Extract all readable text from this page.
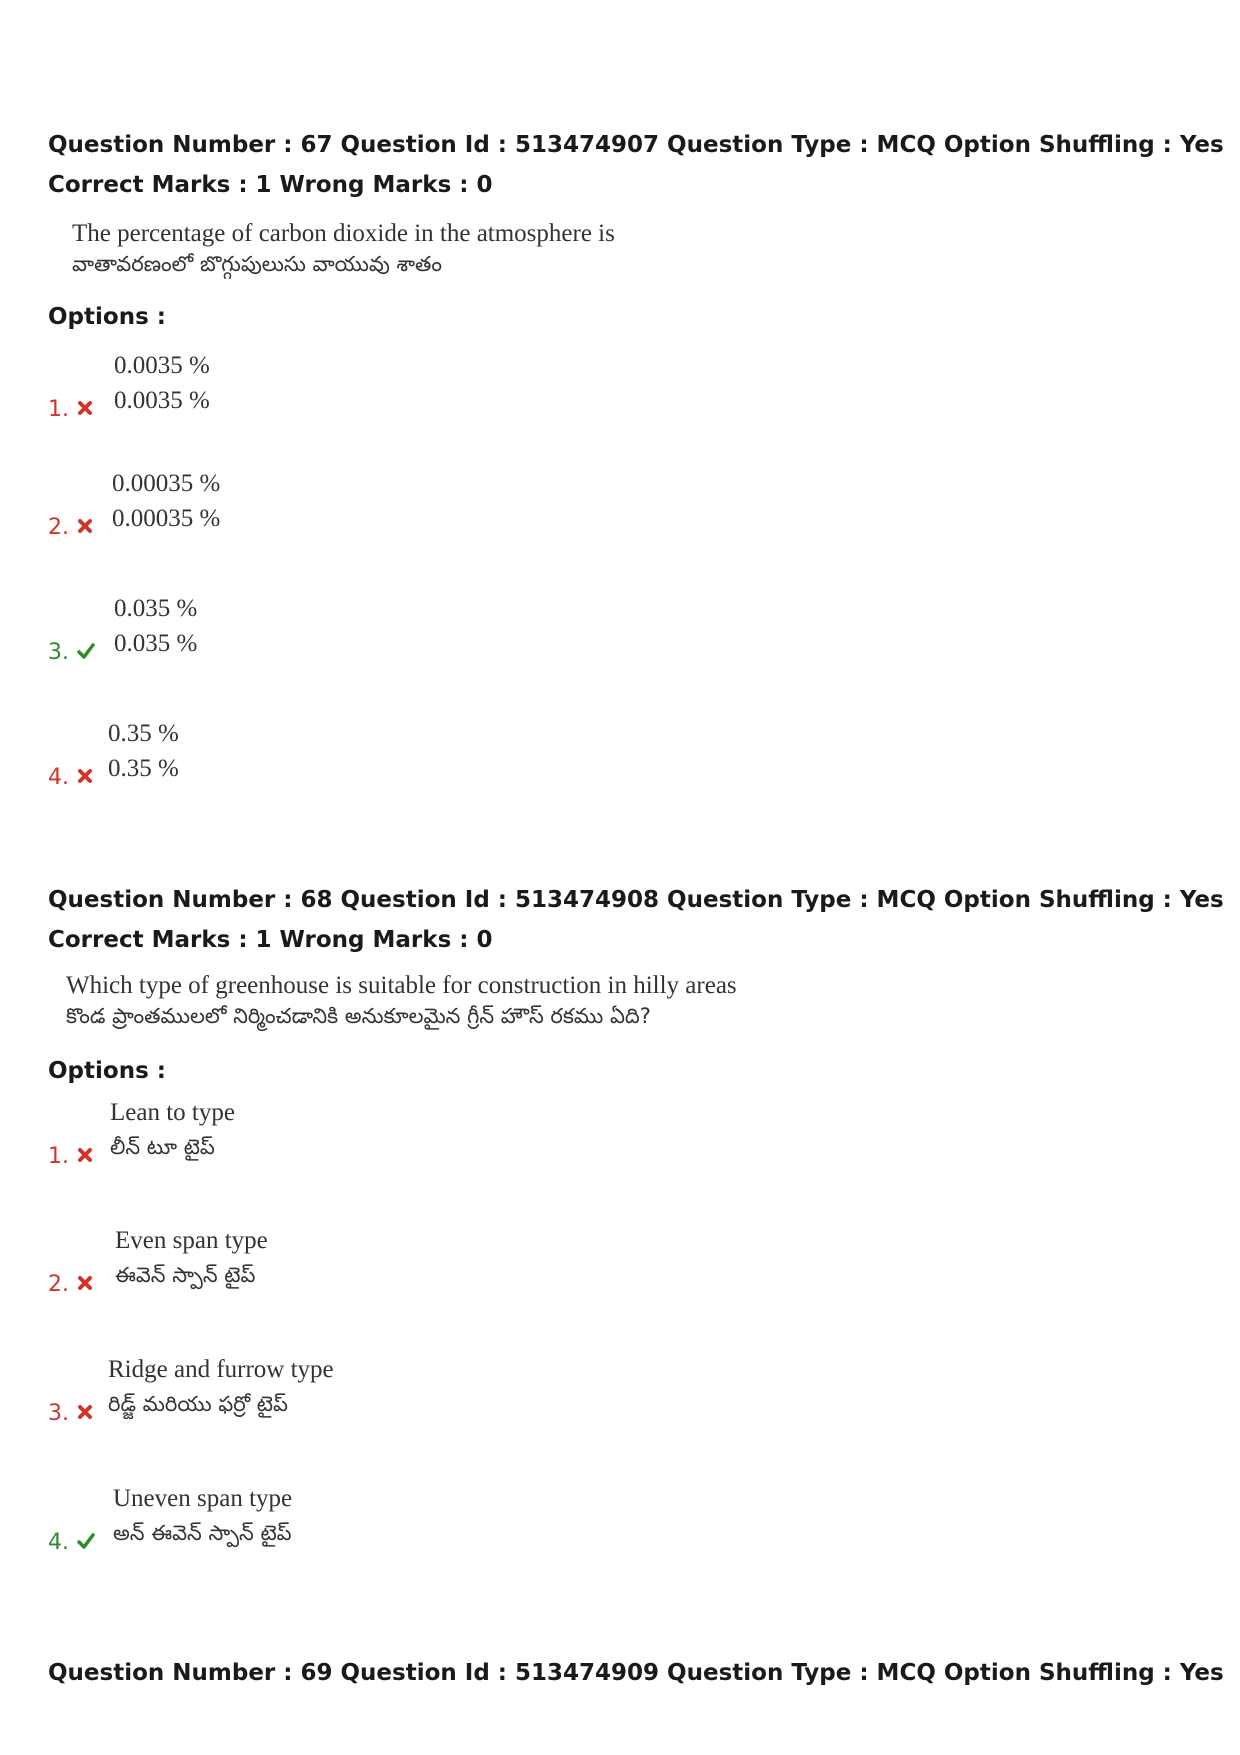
Question Number : 67 Question Id : 513474907 Question Type : MCQ Option Shuffling : Yes
Correct Marks : 1 Wrong Marks : 0
The percentage of carbon dioxide in the atmosphere is
వాతావరణంలో బొగ్గుపులుసు వాయువు శాతం
Options :
1.
0.0035 %
0.0035 %
2.
0.00035 %
0.00035 %
3.
0.035 %
0.035 %
4.
0.35 %
0.35 %
Question Number : 68 Question Id : 513474908 Question Type : MCQ Option Shuffling : Yes
Correct Marks : 1 Wrong Marks : 0
Which type of greenhouse is suitable for construction in hilly areas
కొండ ప్రాంతములలో నిర్మించడానికి అనుకూలమైన గ్రీన్ హౌస్ రకము ఏది?
Options :
1.
Lean to type
లీన్ టూ టైప్
2.
Even span type
ఈవెన్ స్పాన్ టైప్
3.
Ridge and furrow type
రిడ్జ్ మరియు ఫర్రో టైప్
4.
Uneven span type
అన్ ఈవెన్ స్పాన్ టైప్
Question Number : 69 Question Id : 513474909 Question Type : MCQ Option Shuffling : Yes
